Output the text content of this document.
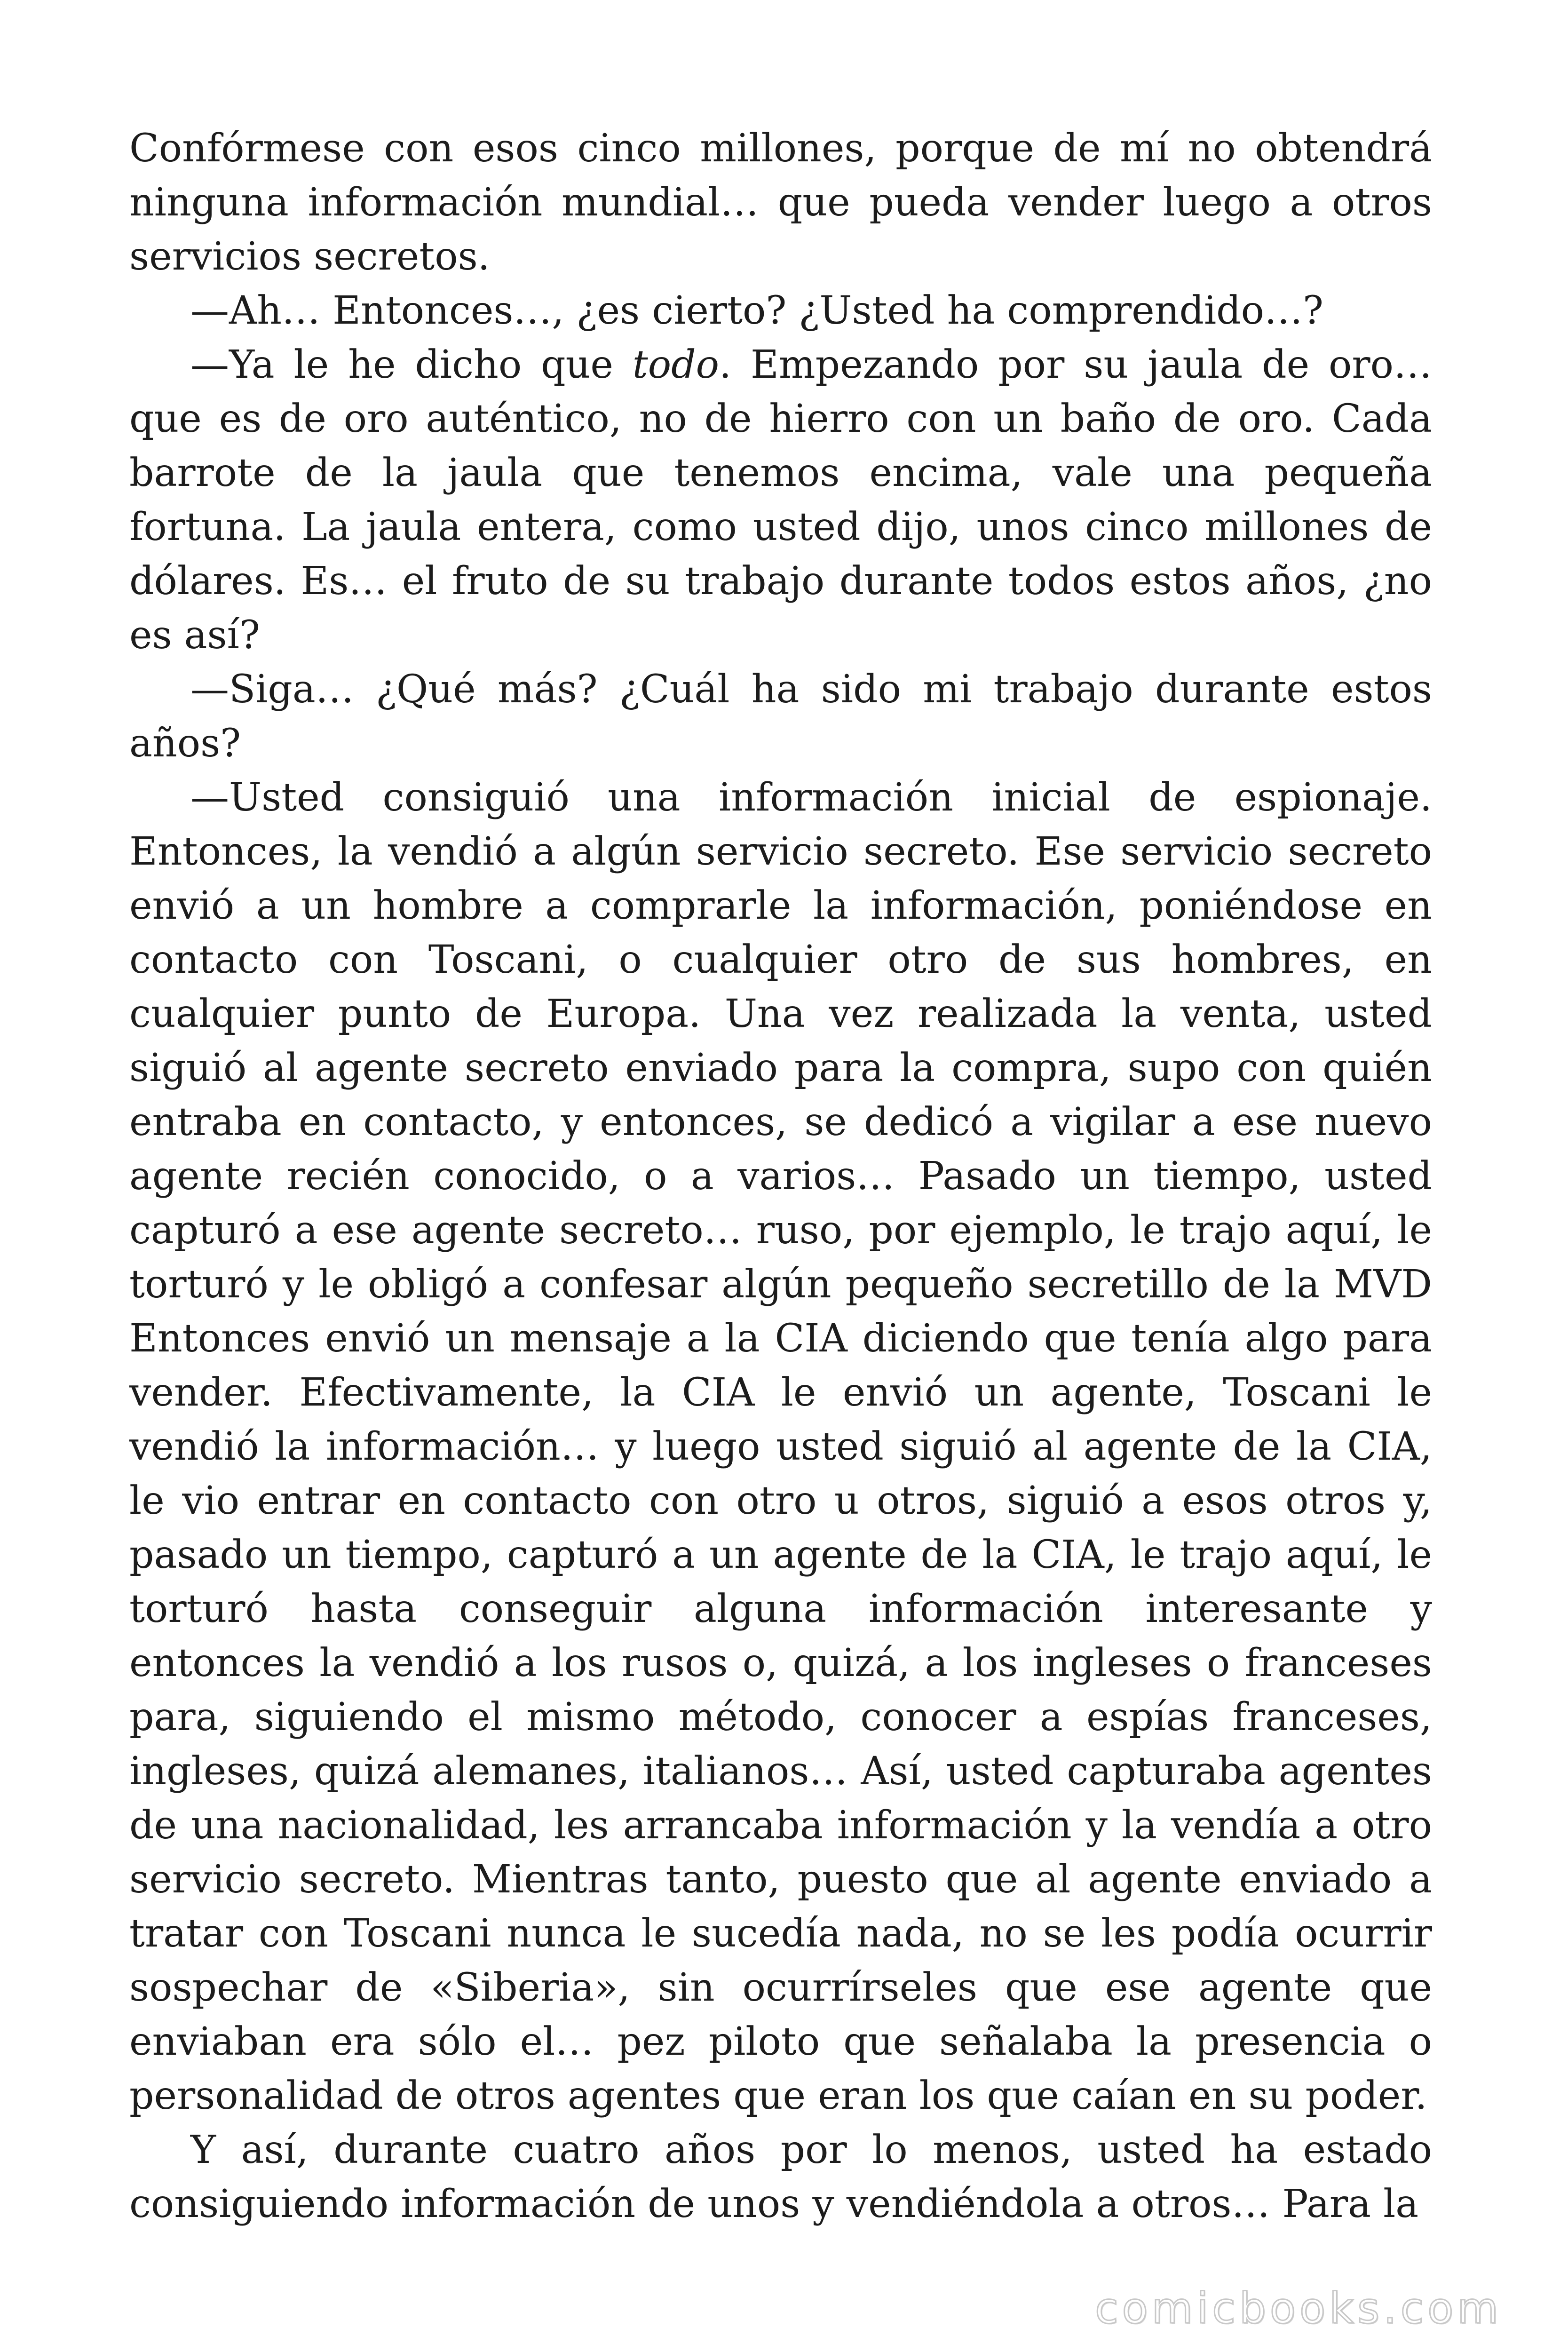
Confórmese con esos cinco millones, porque de mí no obtendrá ninguna información mundial… que pueda vender luego a otros servicios secretos.

—Ah… Entonces…, ¿es cierto? ¿Usted ha comprendido…?

—Ya le he dicho que todo. Empezando por su jaula de oro… que es de oro auténtico, no de hierro con un baño de oro. Cada barrote de la jaula que tenemos encima, vale una pequeña fortuna. La jaula entera, como usted dijo, unos cinco millones de dólares. Es… el fruto de su trabajo durante todos estos años, ¿no es así?

—Siga… ¿Qué más? ¿Cuál ha sido mi trabajo durante estos años?

—Usted consiguió una información inicial de espionaje. Entonces, la vendió a algún servicio secreto. Ese servicio secreto envió a un hombre a comprarle la información, poniéndose en contacto con Toscani, o cualquier otro de sus hombres, en cualquier punto de Europa. Una vez realizada la venta, usted siguió al agente secreto enviado para la compra, supo con quién entraba en contacto, y entonces, se dedicó a vigilar a ese nuevo agente recién conocido, o a varios… Pasado un tiempo, usted capturó a ese agente secreto… ruso, por ejemplo, le trajo aquí, le torturó y le obligó a confesar algún pequeño secretillo de la MVD Entonces envió un mensaje a la CIA diciendo que tenía algo para vender. Efectivamente, la CIA le envió un agente, Toscani le vendió la información… y luego usted siguió al agente de la CIA, le vio entrar en contacto con otro u otros, siguió a esos otros y, pasado un tiempo, capturó a un agente de la CIA, le trajo aquí, le torturó hasta conseguir alguna información interesante y entonces la vendió a los rusos o, quizá, a los ingleses o franceses para, siguiendo el mismo método, conocer a espías franceses, ingleses, quizá alemanes, italianos… Así, usted capturaba agentes de una nacionalidad, les arrancaba información y la vendía a otro servicio secreto. Mientras tanto, puesto que al agente enviado a tratar con Toscani nunca le sucedía nada, no se les podía ocurrir sospechar de «Siberia», sin ocurrírseles que ese agente que enviaban era sólo el… pez piloto que señalaba la presencia o personalidad de otros agentes que eran los que caían en su poder.

Y así, durante cuatro años por lo menos, usted ha estado consiguiendo información de unos y vendiéndola a otros… Para la

comicbooks.com
